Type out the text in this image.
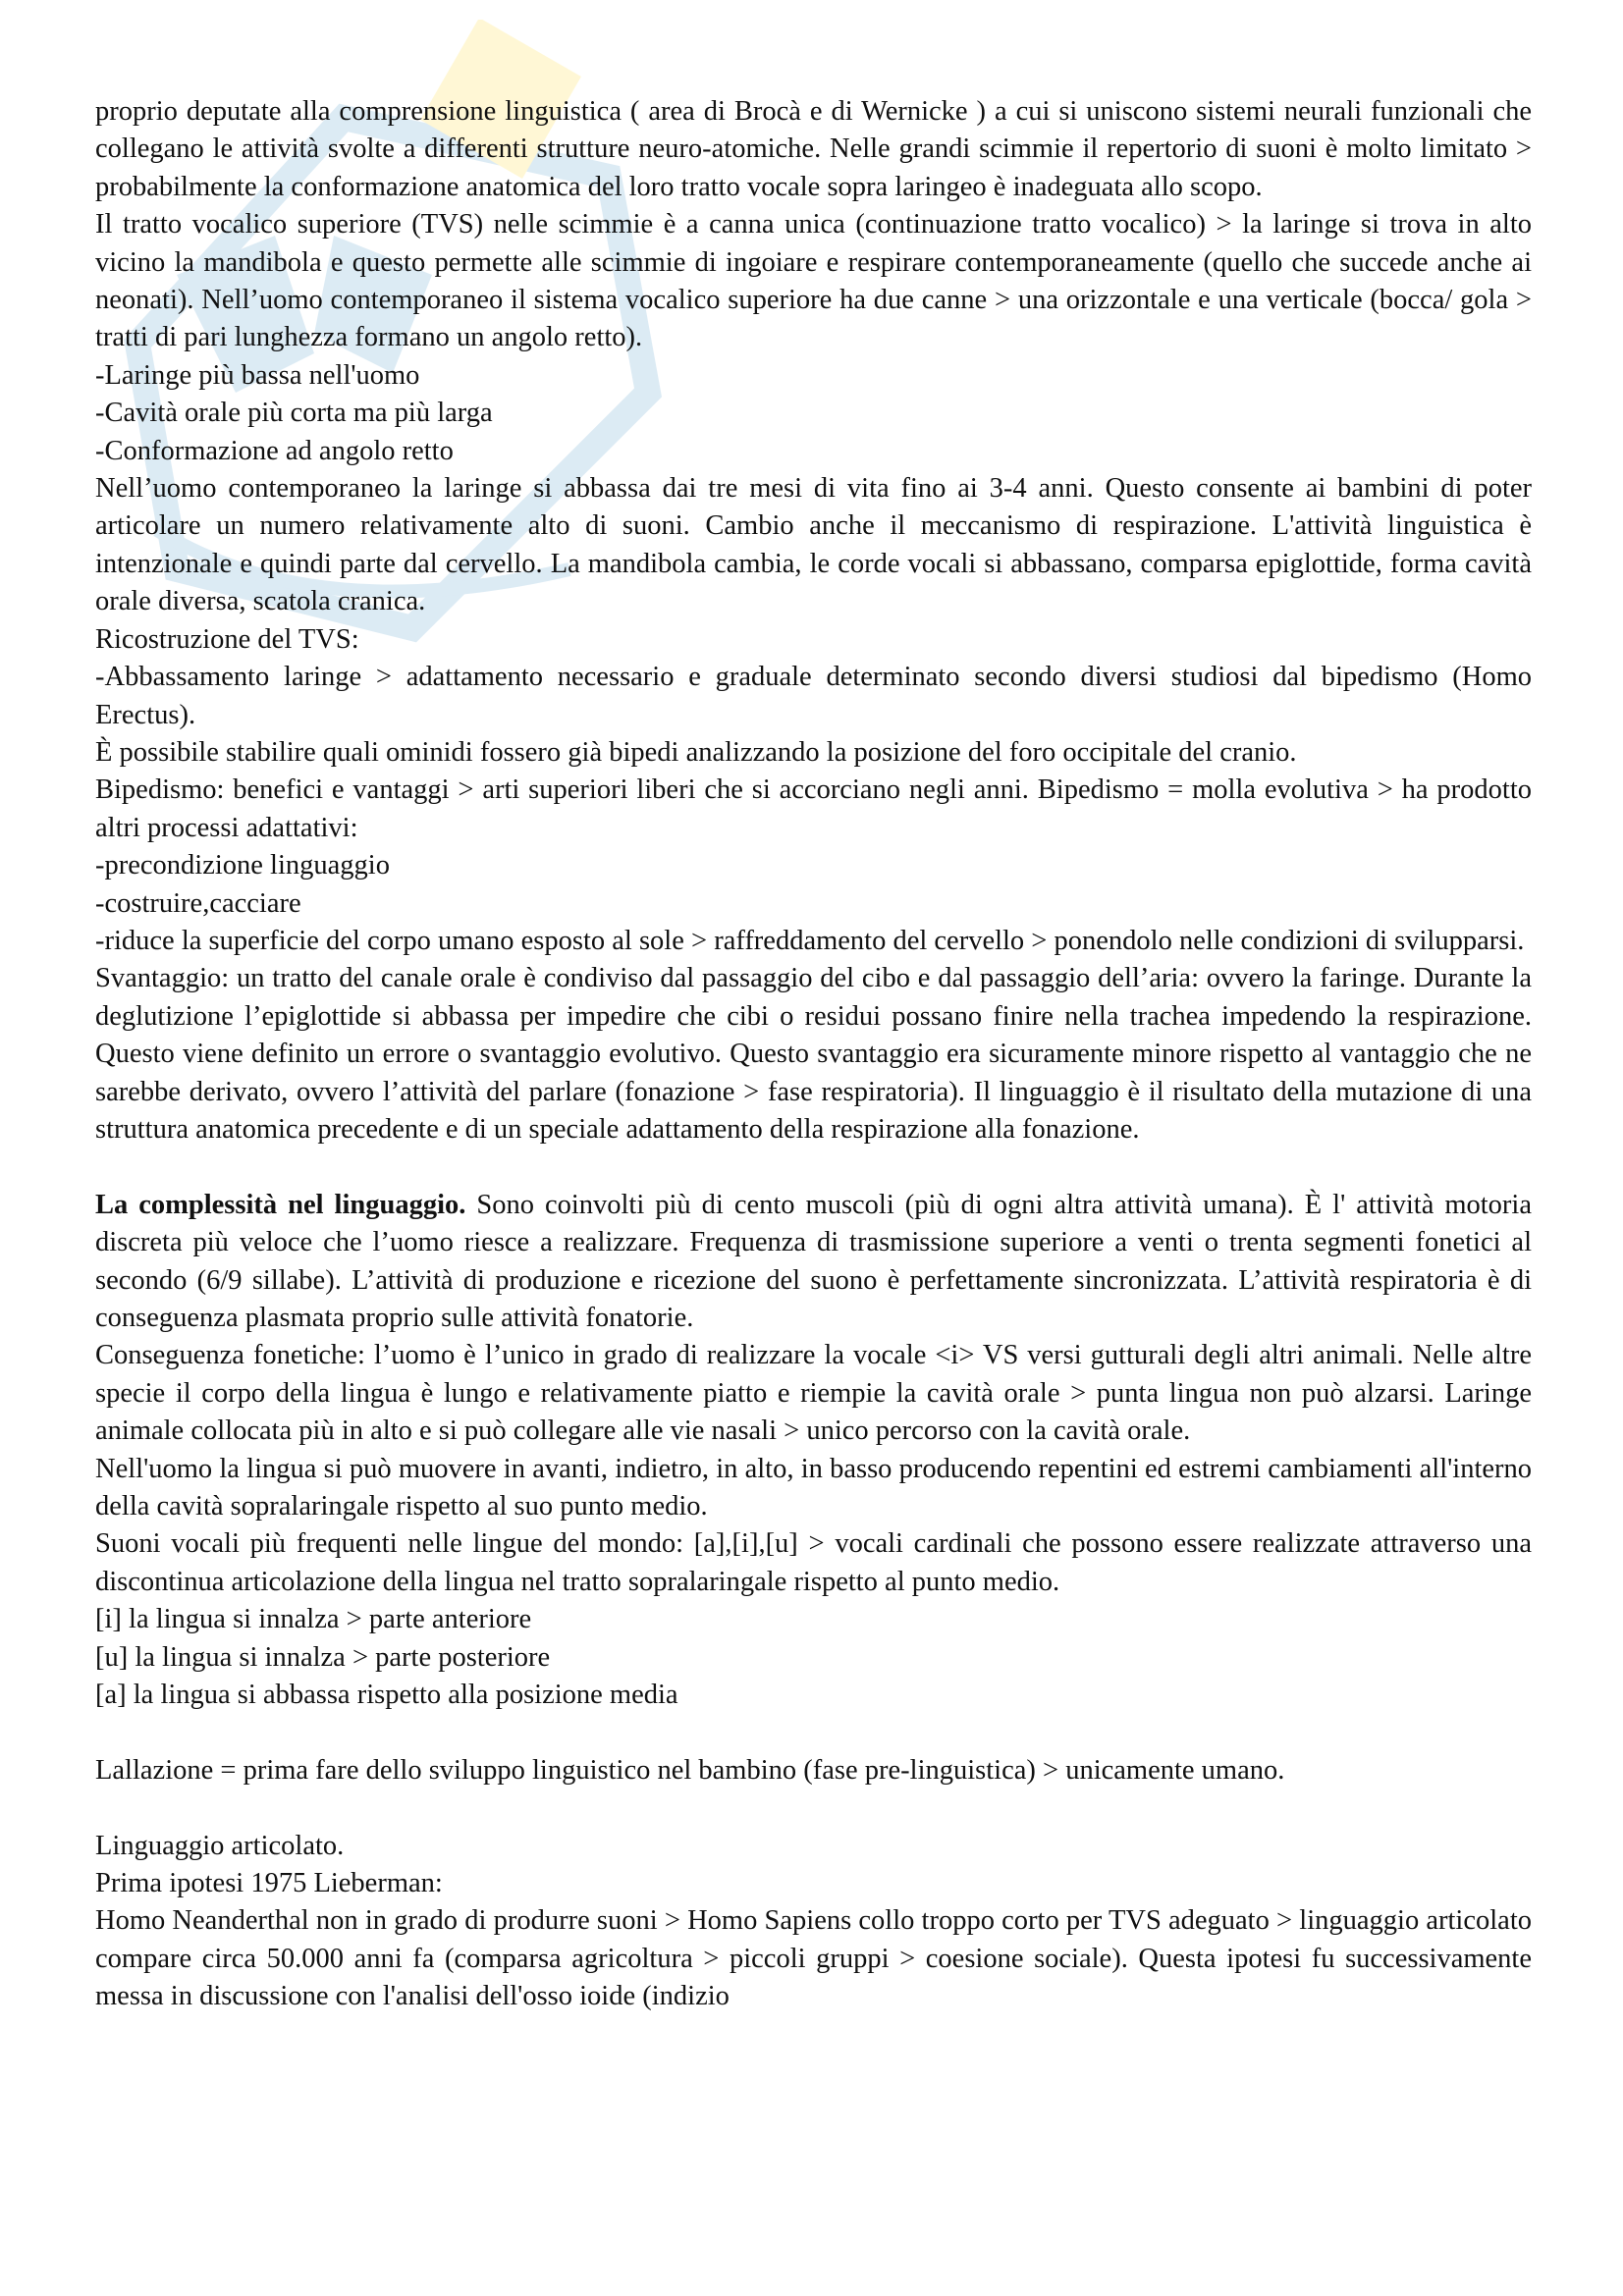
proprio deputate alla comprensione linguistica ( area di Brocà e di Wernicke ) a cui si uniscono sistemi neurali funzionali che collegano le attività svolte a differenti strutture neuro-atomiche. Nelle grandi scimmie il repertorio di suoni è molto limitato > probabilmente la conformazione anatomica del loro tratto vocale sopra laringeo è inadeguata allo scopo.

Il tratto vocalico superiore (TVS) nelle scimmie è a canna unica (continuazione tratto vocalico) > la laringe si trova in alto vicino la mandibola e questo permette alle scimmie di ingoiare e respirare contemporaneamente (quello che succede anche ai neonati). Nell’uomo contemporaneo il sistema vocalico superiore ha due canne > una orizzontale e una verticale (bocca/ gola > tratti di pari lunghezza formano un angolo retto).

-Laringe più bassa nell'uomo

-Cavità orale più corta ma più larga

-Conformazione ad angolo retto

Nell’uomo contemporaneo la laringe si abbassa dai tre mesi di vita fino ai 3-4 anni. Questo consente ai bambini di poter articolare un numero relativamente alto di suoni. Cambio anche il meccanismo di respirazione. L'attività linguistica è intenzionale e quindi parte dal cervello. La mandibola cambia, le corde vocali si abbassano, comparsa epiglottide, forma cavità orale diversa, scatola cranica.

Ricostruzione del TVS:

-Abbassamento laringe > adattamento necessario e graduale determinato secondo diversi studiosi dal bipedismo (Homo Erectus).

È possibile stabilire quali ominidi fossero già bipedi analizzando la posizione del foro occipitale del cranio.

Bipedismo: benefici e vantaggi > arti superiori liberi che si accorciano negli anni. Bipedismo = molla evolutiva > ha prodotto altri processi adattativi:

-precondizione linguaggio

-costruire,cacciare

-riduce la superficie del corpo umano esposto al sole > raffreddamento del cervello > ponendolo nelle condizioni di svilupparsi.

Svantaggio: un tratto del canale orale è condiviso dal passaggio del cibo e dal passaggio dell’aria: ovvero la faringe. Durante la deglutizione l’epiglottide si abbassa per impedire che cibi o residui possano finire nella trachea impedendo la respirazione. Questo viene definito un errore o svantaggio evolutivo. Questo svantaggio era sicuramente minore rispetto al vantaggio che ne sarebbe derivato, ovvero l’attività del parlare (fonazione > fase respiratoria). Il linguaggio è il risultato della mutazione di una struttura anatomica precedente e di un speciale adattamento della respirazione alla fonazione.

La complessità nel linguaggio. Sono coinvolti più di cento muscoli (più di ogni altra attività umana). È l' attività motoria discreta più veloce che l’uomo riesce a realizzare. Frequenza di trasmissione superiore a venti o trenta segmenti fonetici al secondo (6/9 sillabe). L’attività di produzione e ricezione del suono è perfettamente sincronizzata. L’attività respiratoria è di conseguenza plasmata proprio sulle attività fonatorie.

Conseguenza fonetiche: l’uomo è l’unico in grado di realizzare la vocale <i> VS versi gutturali degli altri animali. Nelle altre specie il corpo della lingua è lungo e relativamente piatto e riempie la cavità orale > punta lingua non può alzarsi. Laringe animale collocata più in alto e si può collegare alle vie nasali > unico percorso con la cavità orale.

Nell'uomo la lingua si può muovere in avanti, indietro, in alto, in basso producendo repentini ed estremi cambiamenti all'interno della cavità sopralaringale rispetto al suo punto medio.

Suoni vocali più frequenti nelle lingue del mondo: [a],[i],[u] > vocali cardinali che possono essere realizzate attraverso una discontinua articolazione della lingua nel tratto sopralaringale rispetto al punto medio.

[i] la lingua si innalza > parte anteriore

[u] la lingua si innalza > parte posteriore

[a] la lingua si abbassa rispetto alla posizione media

Lallazione = prima fare dello sviluppo linguistico nel bambino (fase pre-linguistica) > unicamente umano.

Linguaggio articolato.

Prima ipotesi 1975 Lieberman:

Homo Neanderthal non in grado di produrre suoni > Homo Sapiens collo troppo corto per TVS adeguato > linguaggio articolato compare circa 50.000 anni fa (comparsa agricoltura > piccoli gruppi > coesione sociale). Questa ipotesi fu successivamente messa in discussione con l'analisi dell'osso ioide (indizio
